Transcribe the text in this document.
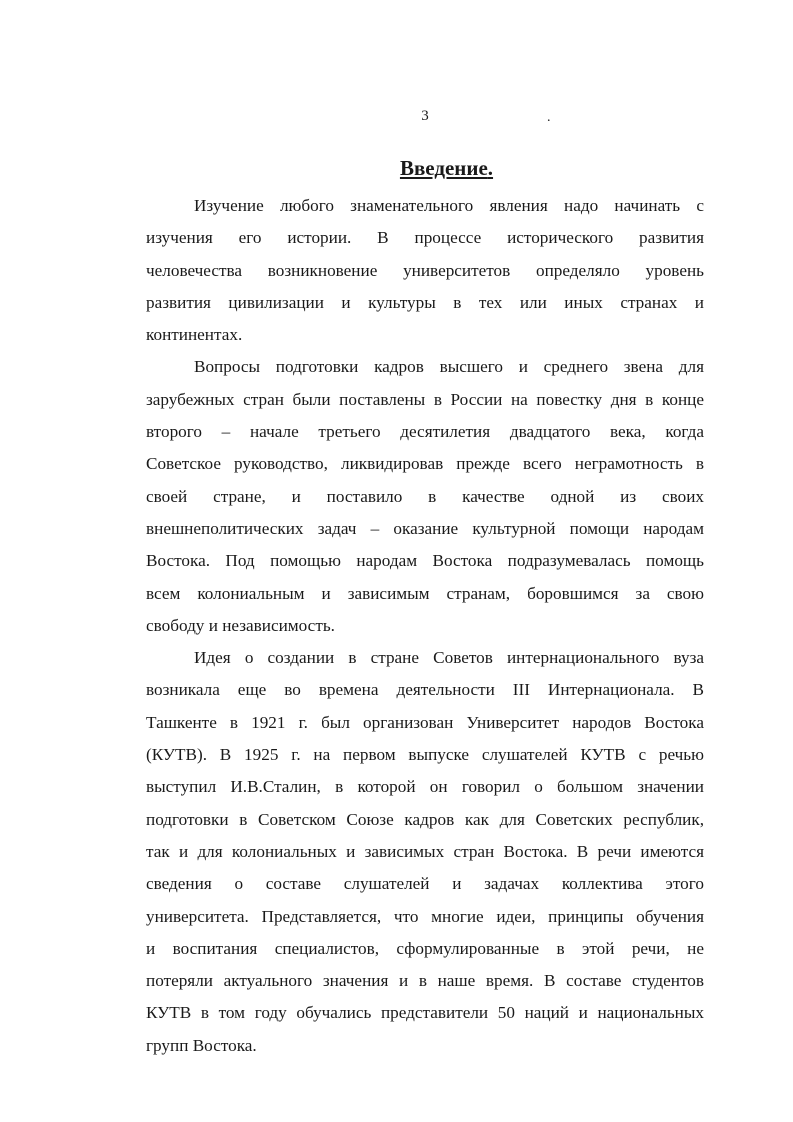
3	.
Введение.
Изучение любого знаменательного явления надо начинать с
изучения его истории. В процессе исторического развития
человечества возникновение университетов определяло уровень
развития цивилизации и культуры в тех или иных странах и
континентах.
Вопросы подготовки кадров высшего и среднего звена для
зарубежных стран были поставлены в России на повестку дня в конце
второго – начале третьего десятилетия двадцатого века, когда
Советское руководство, ликвидировав прежде всего неграмотность в
своей стране, и поставило в качестве одной из своих
внешнеполитических задач – оказание культурной помощи народам
Востока. Под помощью народам Востока подразумевалась помощь
всем колониальным и зависимым странам, боровшимся за свою
свободу и независимость.
Идея о создании в стране Советов интернационального вуза
возникала еще во времена деятельности III Интернационала. В
Ташкенте в 1921 г. был организован Университет народов Востока
(КУТВ). В 1925 г. на первом выпуске слушателей КУТВ с речью
выступил И.В.Сталин, в которой он говорил о большом значении
подготовки в Советском Союзе кадров как для Советских республик,
так и для колониальных и зависимых стран Востока. В речи имеются
сведения о составе слушателей и задачах коллектива этого
университета. Представляется, что многие идеи, принципы обучения
и воспитания специалистов, сформулированные в этой речи, не
потеряли актуального значения и в наше время. В составе студентов
КУТВ в том году обучались представители 50 наций и национальных
групп Востока.
